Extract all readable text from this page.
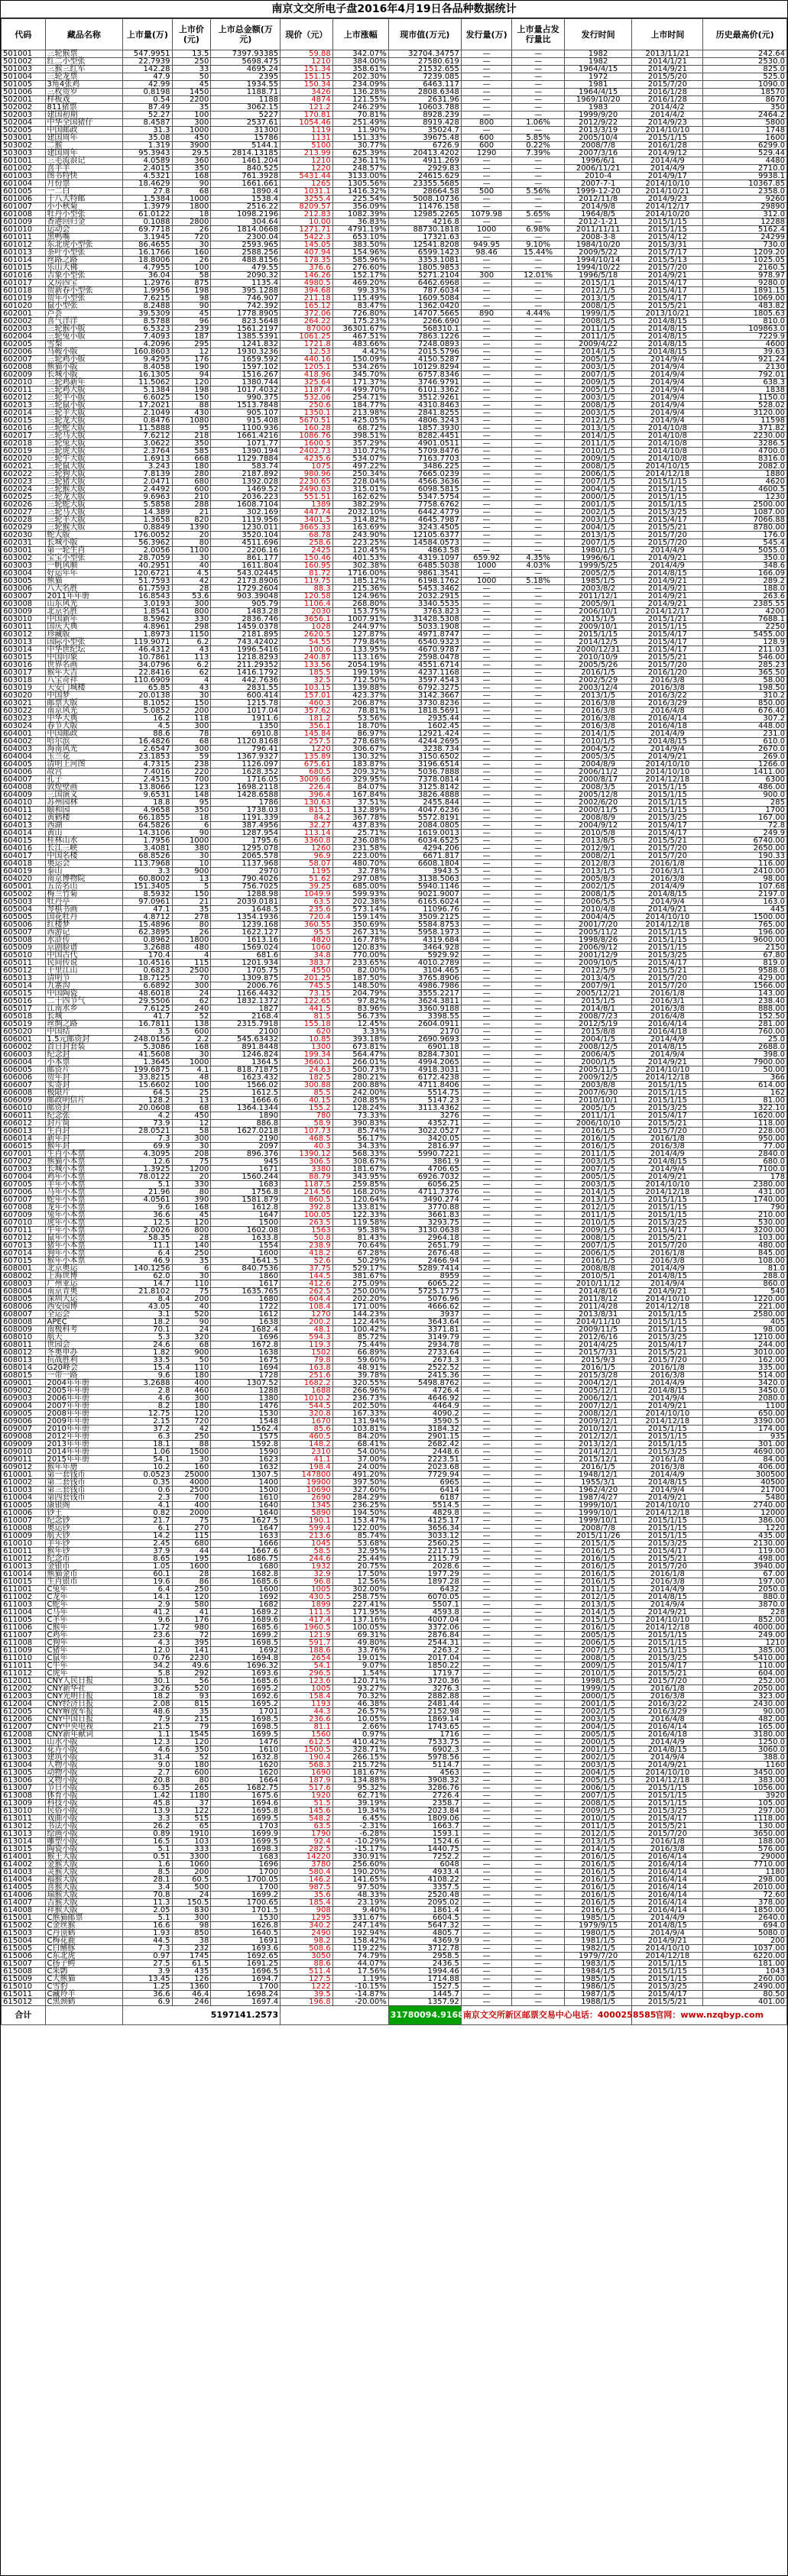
南京文交所电子盘2016年4月19日各品种数据统计
代码	藏品名称	上市量(万)	上市价(元)	上市总金额(万元)	现价（元）	上市涨幅	现市值(万元)	发行量(万)	上市量占发行量比	发行时间	上市时间	历史最高价(元)
501001	三轮猴票	547.9951	13.5	7397.93385	59.88	342.07%	32704.34757	—	—	1982	2013/11/21	242.64
501002	红二小型张	22.7939	250	5698.475	1210	384.00%	27580.619	—	—	1982	2014/1/21	2530.0
501003	三猴三红军	142.28	33	4695.24	151.34	358.61%	21532.655	—	—	1964/4/15	2014/9/21	825.0
501004	三轮龙票	47.9	50	2395	151.15	202.30%	7239.085	—	—	1972	2015/5/20	525.0
501005	3角4张鸡	42.99	45	1934.55	150.34	234.09%	6463.117	—	—	1981	2015/7/20	1090.0
501006	三枚贺岁	0.8198	1450	1188.71	3426	136.28%	2808.6348	—	—	1964/4/15	2016/1/28	18570
502001	样板戏	0.54	2200	1188	4874	121.55%	2631.96	—	—	1969/10/20	2016/1/28	8670
502002	811猪票	87.49	35	3062.15	121.2	246.29%	10603.788	—	—	1983	2014/4/2	350
502003	建国初期	52.27	100	5227	170.81	70.81%	8928.239	—	—	1999/9/20	2014/4/2	2464.2
502004	中华全国猪仔	8.4587	300	2537.61	1054.46	251.49%	8919.428	800	1.06%	2012/9/22	2014/9/23	5800
502005	中国邮政	31.3	1000	31300	1119	11.90%	35024.7	—	—	2013/3/19	2014/10/10	1748
503001	建国周年	35.08	450	15786	1131	151.33%	39675.48	600	5.85%	2005/10/4	2015/1/15	1600
503002	二猴	1.319	3900	5144.1	5100	30.77%	6726.9	600	0.22%	2008/7/8	2016/1/28	6299.0
503003	建国周年	95.3943	29.5	2814.13185	213.99	625.39%	20413.4202	1290	7.39%	2007/3/16	2014/9/12	529.44
601001	三毛流浪记	4.0589	360	1461.204	1210	236.11%	4911.269	—	—	1996/6/1	2014/4/9	4480
601002	喜羊羊	2.4015	350	840.525	1220	248.57%	2929.83	—	—	2006/11/21	2014/4/9	2710.0
601003	图书特快	4.5321	168	761.3928	5431.44	3133.00%	24615.629	—	—	2010-4	2014/9/17	9938.1
601004	月份票	18.4629	90	1661.661	1265	1305.56%	23355.5685	—	—	2007-7-1	2014/10/10	10367.85
601005	一二白	27.8	68	1890.4	1031.1	1416.32%	28664.58	500	5.56%	1999-12-20	2014/10/21	2358.0
601006	十八大特邮	1.5384	1000	1538.4	3255.4	225.54%	5008.10736	—	—	2012/11/8	2014/9/23	9260
601007	小小秋菊	1.3979	1800	2516.22	8209.57	356.09%	11476.158	—	—	2014/9/8	2014/12/17	29890
601008	牡丹小型张	61.0122	18	1098.2196	212.83	1082.39%	12985.2265	1079.98	5.65%	1964/8/5	2014/10/20	312.0
601009	香港回归金	0.1088	2800	304.64	10.00	36.83%	4216.8	—	—	2012-1-21	2015/1/15	12288
601010	运动会	69.7718	26	1814.0668	1271.71	4791.19%	88730.1818	1000	6.98%	2011/11/11	2015/1/15	5162.4
601011	黑鸭嘴	3.1945	720	2300.04	5422.3	653.10%	17321.63	—	—	2008-3-8	2015/4/12	24299
601012	东北虎小型张	86.4655	30	2593.965	145.05	383.50%	12541.8208	949.95	9.10%	1984/10/20	2015/3/31	730.0
601013	茶叶小型张	16.1766	160	2588.256	407.94	154.96%	6599.1423	98.46	15.44%	2009/5/22	2015/7/17	1209.20
601014	丝路之路	18.8006	26	488.8156	178.35	585.96%	3353.1081	—	—	1994/10/14	2015/5/13	1025.05
601015	乐山大佛	4.7955	100	479.55	376.6	276.60%	1805.9853	—	—	1994/10/22	2015/7/20	2160.5
601016	吉象小型张	36.04	58	2090.32	146.26	152.17%	5271.2104	300	12.01%	1996/5/18	2014/9/21	978.97
601017	文房四宝	1.2976	875	1135.4	4980.5	469.20%	6462.6968	—	—	2015/1/1	2015/4/17	9280.0
601018	贺新春小型张	1.9956	198	395.1288	394.68	99.33%	787.6034	—	—	2012/1/5	2015/4/17	1891.15
601019	贺年小型张	7.6215	98	746.907	211.18	115.49%	1609.5084	—	—	2013/1/5	2015/4/17	1069.00
601020	鼠小型张	8.2488	90	742.392	165.12	83.47%	1362.0420	—	—	2008/1/5	2015/5/21	483.82
602001	芦荟	39.5309	45	1778.8905	372.06	726.80%	14707.5665	890	4.44%	1999/1/5	2013/10/21	1805.63
602002	喜气洋洋	8.5788	96	823.5648	264.22	175.23%	2266.690	—	—	2008/1/5	2014/8/15	810.0
602003	三轮猴小版	6.5323	239	1561.2197	87000	36301.67%	568310.1	—	—	2011/1/5	2014/8/15	109863.0
602004	三轮兔小版	7.4093	187	1385.5391	1061.25	467.51%	7863.1226	—	—	2011/1/5	2014/8/15	7229.9
602005	雪梨	4.2096	295	1241.832	1721.8	483.66%	7248.0893	—	—	2009/4/22	2014/8/15	4600
602006	马鞍小版	160.8603	12	1930.3236	12.53	4.42%	2015.5796	—	—	2014/1/5	2014/8/15	39.63
602007	三轮鸡小版	9.4295	176	1659.592	440.16	150.09%	4150.5287	—	—	2005/1/5	2014/9/4	921.24
602008	熊猫小版	8.4058	190	1597.102	1205.1	534.26%	10129.8294	—	—	2003/1/5	2014/9/4	2130
602009	长城小版	16.1305	94	1516.267	418.96	345.70%	6757.8346	—	—	2007/1/5	2014/9/4	792.01
602010	三轮鸡新年	11.5062	120	1380.744	325.64	171.37%	3746.9791	—	—	2009/1/5	2014/9/4	638.3
602011	三轮鸡大版	5.1384	198	1017.4032	1187.4	499.70%	6101.3362	—	—	2005/1/5	2014/9/4	1838
602012	三轮羊小版	6.6025	150	990.375	532.06	254.71%	3512.9261	—	—	2003/1/5	2014/9/4	1150.0
602013	三轮鼠小版	17.2021	88	1513.7848	250.6	184.77%	4310.8463	—	—	2008/1/5	2014/9/4	528.02
602014	三轮羊大版	2.1049	430	905.107	1350.1	213.98%	2841.8255	—	—	2003/1/5	2014/9/4	3120.00
602015	三轮龙大版	0.8476	1080	915.408	5670.51	425.05%	4806.3243	—	—	2012/1/5	2014/9/4	11598
602016	三轮蛇大版	11.5888	95	1100.936	160.28	68.72%	1857.3930	—	—	2013/1/5	2014/10/8	371.82
602017	三轮马大版	7.6212	218	1661.4216	1086.76	398.51%	8282.4451	—	—	2014/1/5	2014/10/8	2230.00
602018	三轮兔大版	3.0622	350	1071.77	1600.5	357.29%	4901.0511	—	—	2011/1/5	2014/10/8	3286.5
602019	三轮虎大版	2.3764	585	1390.194	2402.73	310.72%	5709.8476	—	—	2010/1/5	2014/10/8	4700.0
602020	三轮牛大版	1.6913	668	1129.7884	4235.6	534.07%	7163.7703	—	—	2009/1/5	2014/10/8	8316.0
602021	三轮鼠大版	3.243	180	583.74	1075	497.22%	3486.225	—	—	2008/1/5	2014/10/15	2082.0
602022	三轮狗大版	7.8139	280	2187.892	980.96	250.34%	7665.0239	—	—	2006/1/5	2014/12/18	1880
602023	三轮猪大版	2.0471	680	1392.028	2230.65	228.04%	4566.3636	—	—	2007/1/5	2015/1/15	4620
602024	三轮猴大版	2.4492	600	1469.52	2490.03	315.01%	6098.5815	—	—	2004/1/5	2015/1/15	4600.5
602025	三轮龙大版	9.6963	210	2036.223	551.51	162.62%	5347.5754	—	—	2000/1/5	2015/1/15	1230
602026	三轮蛇大版	5.5858	288	1608.7104	1389	382.29%	7758.6762	—	—	2001/1/5	2015/1/15	2500.00
602027	三轮马大版	14.389	21	302.169	447.74	2032.10%	6442.4779	—	—	2002/1/5	2015/3/25	1087.00
602028	三轮羊大版	1.3658	820	1119.956	3401.5	314.82%	4645.7987	—	—	2003/1/5	2015/4/17	7066.88
602029	三轮猴大版	0.8849	1390	1230.011	3665.33	163.69%	3243.4505	—	—	2004/1/5	2015/5/21	8780.00
602030	蛇大版	176.0052	20	3520.104	68.78	243.90%	12105.6377	—	—	2013/1/5	2015/7/20	176.0
602031	长城小版	56.3962	80	4511.696	258.6	223.25%	14584.0573	—	—	2007/1/5	2015/7/20	545.4
603001	第一轮生肖	2.0056	1100	2206.16	2425	120.45%	4863.58	—	—	1980/1/5	2014/4/9	5055.0
603002	宝宝小型张	28.7059	30	861.177	150.46	401.53%	4319.1097	659.92	4.35%	1996/6/1	2014/9/21	350.0
603003	一帆风顺	40.2951	40	1611.804	160.95	302.38%	6485.5038	1000	4.03%	1999/5/25	2014/4/9	348.6
603004	好运年年	120.6721	4.5	543.02445	81.72	1716.00%	9861.3541	—	—	2005/2/5	2014/8/15	166.09
603005	熊猫	51.7593	42	2173.8906	119.75	185.12%	6198.1762	1000	5.18%	1985/1/5	2014/9/21	289.2
603006	八大名胜	61.7593	28	1729.2604	88.3	215.36%	5453.3462	—	—	2003/8/2	2014/9/21	188.0
603007	2011年年册	16.8543	53.6	903.39048	120.58	124.96%	2032.2915	—	—	2011/12/1	2014/9/21	263.6
603008	山东风光	3.0193	300	905.79	1106.4	268.80%	3340.5535	—	—	2005/9/1	2014/9/21	2385.55
603009	北京名胜	1.8541	800	1483.28	2030	153.75%	3763.823	—	—	2006/10/1	2014/12/17	4200
603010	中国新年	8.5962	330	2836.746	3656.1	1007.91%	31428.5308	—	—	2015/1/5	2015/1/21	7688.1
603011	国庆大典	4.8961	298	1459.0378	1028	244.97%	5033.1908	—	—	2009/10/1	2015/1/15	2250
603012	珍藏版	1.8973	1150	2181.895	2620.5	127.87%	4971.8747	—	—	2015/1/15	2015/4/17	5455.00
603013	国际小型张	119.9071	6.2	743.42402	54.55	779.84%	6540.9323	—	—	2014/12/5	2015/4/17	128.9
603014	中华世纪坛	46.4312	43	1996.5416	100.6	133.95%	4670.9787	—	—	2000/12/31	2015/4/17	211.03
603015	中国印象	10.7861	113	1218.8293	240.87	113.16%	2598.0478	—	—	2010/10/9	2015/5/21	546.00
603016	世界名画	34.0796	6.2	211.29352	133.56	2054.19%	4551.6714	—	—	2005/5/26	2015/7/20	285.23
603017	猴年大吉	22.8416	62	1416.1792	185.5	199.19%	4237.1168	—	—	2016/1/5	2016/1/20	365.50
603018	八宝奇祥	110.6909	4	442.7636	32.5	712.50%	3597.4543	—	—	2002/5/29	2016/3/8	58.00
603019	天安门城楼	65.85	43	2831.55	103.15	139.88%	6792.3275	—	—	2003/12/4	2016/3/8	198.50
603020	中国梦	20.0138	30	600.414	157.01	423.37%	3142.3667	—	—	2013/1/5	2016/3/22	310.2
603021	邮票大版	8.1052	150	1215.78	460.3	206.87%	3730.8236	—	—	2016/3/8	2016/3/29	850.00
603022	南京风光	5.0852	200	1017.04	357.62	78.81%	1818.5691	—	—	2016/3/8	2016/4/8	676.40
603023	中华大典	16.2	118	1911.6	181.2	53.56%	2935.44	—	—	2016/3/8	2016/4/14	307.2
603024	春节大版	4.5	300	1350	356.1	18.70%	1602.45	—	—	2016/3/8	2016/4/18	448.00
604001	中国邮政	88.6	78	6910.8	145.84	86.97%	12921.424	—	—	2014/1/5	2014/4/9	231.0
604002	哈尔滨	16.4826	68	1120.8168	257.5	278.68%	4244.2695	—	—	2010/1/5	2014/8/15	610.0
604003	海南风光	2.6547	300	796.41	1220	306.67%	3238.734	—	—	2004/5/2	2014/9/4	2670.0
604004	玉兰花	23.1853	59	1367.9327	135.89	130.32%	3150.6502	—	—	2005/3/5	2014/9/21	269.0
604005	清明上河图	4.7315	238	1126.097	675.61	183.87%	3196.6514	—	—	2004/8/9	2014/10/10	1266.0
604006	故宫	7.4016	220	1628.352	680.5	209.32%	5036.7888	—	—	2006/11/2	2014/10/10	1411.00
604007	孔子	2.4515	700	1716.05	3009.66	329.95%	7378.0814	—	—	2000/8/17	2014/12/18	6300
604008	敦煌壁画	13.8066	123	1698.2118	226.4	84.07%	3125.8142	—	—	2008/3/5	2015/1/15	486.00
604009	三国演义	9.6531	148	1428.6588	396.4	167.84%	3826.4888	—	—	2005/12/8	2015/1/15	900.0
604010	苏州园林	18.8	95	1786	130.63	37.51%	2455.844	—	—	2002/6/20	2015/1/15	285
604011	颐和园	4.9658	350	1738.03	815.1	132.89%	4047.6236	—	—	2000/11/5	2015/1/15	1700
604012	黄鹤楼	66.1855	18	1191.339	84.2	367.78%	5572.8191	—	—	2008/8/9	2015/3/25	167.00
604013	西湖	64.5826	6	387.4956	32.27	437.83%	2084.0805	—	—	2004/9/12	2015/4/17	72.8
604014	黄山	14.3106	90	1287.954	113.14	25.71%	1619.0013	—	—	2010/5/8	2015/4/17	249.9
604015	桂林山水	1.7956	1000	1795.6	3360.8	236.08%	6034.6525	—	—	2013/8/5	2015/5/21	6740.00
604016	长江三峡	3.4081	380	1295.078	1260	231.58%	4294.206	—	—	2012/9/1	2015/7/20	2650.00
604017	中国名楼	68.8526	30	2065.578	96.9	223.00%	6671.817	—	—	2008/2/1	2015/7/20	190.33
604018	奥运会	113.7968	10	1137.968	58.07	480.70%	6608.1804	—	—	2012/8/3	2016/1/8	116.00
604019	泰山	3.3	900	2970	1195	32.78%	3943.5	—	—	2013/1/5	2016/3/1	2410.00
604020	南京博物院	60.8002	13	790.4026	51.62	297.08%	3138.5063	—	—	2005/8/3	2016/3/8	98.00
605001	五岳名山	151.3405	5	756.7025	39.25	685.00%	5940.1146	—	—	2002/1/5	2014/4/9	107.68
605002	梅兰竹菊	8.5932	150	1288.98	1049.9	599.93%	9021.9007	—	—	2008/1/5	2014/8/15	2197.0
605003	牡丹亭	97.0961	21	2039.0181	63.5	202.38%	6165.6024	—	—	2006/5/5	2014/9/4	163.0
605004	琴棋书画	47.1	35	1648.5	235.6	573.14%	11096.76	—	—	2010/4/8	2014/9/21	445
605005	国花牡丹	4.8712	278	1354.1936	720.4	159.14%	3509.2125	—	—	2004/4/5	2014/10/10	1500.00
605006	红楼梦	15.4896	80	1239.168	360.55	350.69%	5584.8753	—	—	2001/7/20	2014/12/18	765.00
605007	西游记	62.3895	26	1622.127	95.5	267.31%	5958.1973	—	—	2005/11/2	2015/1/15	196.00
605008	水浒传	0.8962	1800	1613.16	4820	167.78%	4319.684	—	—	1998/8/26	2015/1/15	9600.00
605009	京剧脸谱	3.2688	480	1569.024	1060	120.83%	3464.928	—	—	2006/9/12	2015/1/15	2150
605010	中国古代	170.4	4	681.6	34.8	770.00%	5929.92	—	—	2001/12/9	2015/3/25	67.80
605011	民间传说	10.4516	115	1201.934	383.7	233.65%	4010.2789	—	—	2009/10/5	2015/4/17	819.0
605012	千里江山	0.6823	2500	1705.75	4550	82.00%	3104.465	—	—	2012/5/9	2015/5/21	9588.0
605013	清明节	18.7125	70	1309.875	201.25	187.50%	3765.8906	—	—	2013/4/5	2015/7/20	429.00
605014	九寨沟	6.6892	300	2006.76	745.5	148.50%	4986.7986	—	—	2007/9/1	2015/7/20	1566.00
605015	中国陶瓷	48.6018	24	1166.4432	73.15	204.79%	3555.2217	—	—	2005/12/21	2016/1/8	143.00
605016	二十四节气	29.5506	62	1832.1372	122.65	97.82%	3624.3811	—	—	2015/1/5	2016/3/1	238.40
605017	江南水乡	7.6125	240	1827	441.5	83.96%	3360.9188	—	—	2014/8/1	2016/3/8	888.00
605018	长城	41.7	52	2168.4	81.5	56.73%	3398.55	—	—	2008/7/23	2016/4/8	152.50
605019	丝绸之路	16.7811	138	2315.7918	155.18	12.45%	2604.0911	—	—	2012/5/19	2016/4/14	281.00
605020	中国结	3.5	600	2100	620	3.33%	2170	—	—	2015/8/8	2016/4/18	760.00
606001	1.5元邮资封	248.0156	2.2	545.63432	10.85	393.18%	2690.9693	—	—	2004/1/5	2014/4/9	25.0
606002	首日封套装	5.3086	168	891.8448	1300	673.81%	6901.18	—	—	2008/12/5	2014/8/15	2688.0
606003	纪念封	41.5608	30	1246.824	199.34	564.47%	8284.7301	—	—	2006/4/5	2014/9/4	398.0
606004	小本票	1.3645	1000	1364.5	3660.1	266.01%	4994.2065	—	—	2000/1/5	2014/9/21	7900.00
606005	邮资片	199.6875	4.1	818.71875	24.63	500.73%	4918.3031	—	—	2005/11/5	2014/10/10	50.00
606006	贺年封	33.8215	48	1623.432	182.5	280.21%	6172.4238	—	—	2009/12/5	2014/12/18	366
606007	实寄封	15.6602	100	1566.02	300.88	200.88%	4711.8406	—	—	2003/8/8	2015/1/15	614.00
606008	极限片	64.5	25	1612.5	85.5	242.00%	5514.75	—	—	2007/6/30	2015/1/15	162
606009	邮政明信片	128.2	13	1666.6	40.15	208.85%	5147.23	—	—	2010/10/1	2015/1/15	81.00
606010	邮资封	20.0608	68	1364.1344	155.2	128.24%	3113.4362	—	—	2005/1/5	2015/3/25	322.10
606011	纪念张	4.2	450	1890	780	73.33%	3276	—	—	2011/1/1	2015/4/17	1620.00
606012	封片简	73.9	12	886.8	58.9	390.83%	4352.71	—	—	2006/10/10	2015/5/21	118.00
606013	生肖封	28.0521	58	1627.0218	107.73	85.74%	3022.0527	—	—	2016/1/5	2015/7/20	228.00
606014	新年封	7.3	300	2190	468.5	56.17%	3420.05	—	—	2016/1/5	2016/1/8	950.00
606015	猴年封	69.9	30	2097	40.3	34.33%	2816.97	—	—	2016/1/5	2016/3/8	77.00
607001	生肖小本票	4.3095	208	896.376	1390.12	568.33%	5990.7221	—	—	2011/1/5	2014/4/9	2840.0
607002	熊猫小本票	12.6	75	945	306.5	308.67%	3861.9	—	—	2003/1/5	2014/8/15	680.0
607003	长城小本票	1.3925	1200	1671	3380	181.67%	4706.65	—	—	2007/1/5	2014/9/4	7100.0
607004	鸡年小本票	78.0122	20	1560.244	88.79	343.95%	6926.7032	—	—	2005/1/5	2014/9/21	178
607005	羊年小本票	5.1	330	1683	1187.5	259.85%	6056.25	—	—	2003/1/5	2014/10/10	2380.00
607006	马年小本票	21.96	80	1756.8	214.56	168.20%	4711.7376	—	—	2014/1/5	2014/12/18	431.00
607007	蛇年小本票	4.0561	390	1581.879	860.5	120.64%	3490.274	—	—	2013/1/5	2015/1/15	1740.00
607008	龙年小本票	9.6	168	1612.8	392.8	133.81%	3770.88	—	—	2012/1/5	2015/1/15	790
607009	兔年小本票	36.6	45	1647	100.05	122.33%	3661.83	—	—	2011/1/5	2015/1/15	210.00
607010	虎年小本票	12.5	120	1500	263.5	119.58%	3293.75	—	—	2010/1/5	2015/3/25	530.00
607011	牛年小本票	2.0026	800	1602.08	1563	95.38%	3130.0638	—	—	2009/1/5	2015/4/17	3200.00
607012	鼠年小本票	58.35	28	1633.8	50.8	81.43%	2964.18	—	—	2008/1/5	2015/5/21	103.00
607013	猪年小本票	11.1	140	1554	238.9	70.64%	2651.79	—	—	2007/1/5	2015/7/20	480.00
607014	狗年小本票	6.4	250	1600	418.2	67.28%	2676.48	—	—	2006/1/5	2016/1/8	845.00
607015	猴年小本票	46.9	35	1641.5	52.6	50.29%	2466.94	—	—	2016/1/5	2016/3/8	108.00
608001	北京奥运	140.1256	6	840.7536	37.75	529.17%	5289.7414	—	—	2008/8/8	2014/4/9	81.0
608002	上海世博	62.0	30	1860	144.5	381.67%	8959	—	—	2010/5/1	2014/8/15	288.0
608003	广州亚运	14.7	110	1617	412.6	275.09%	6065.22	—	—	2010/11/12	2014/9/4	860.0
608004	南京青奥	21.8102	75	1635.765	262.5	250.00%	5725.1775	—	—	2014/8/16	2014/9/21	540
608005	深圳大运	8.4	200	1680	604.4	202.20%	5076.96	—	—	2011/8/12	2014/10/10	1220.00
608006	西安园博	43.05	40	1722	108.4	171.00%	4666.62	—	—	2011/4/28	2014/12/18	221.00
608007	全运会	3.1	520	1612	1270	144.23%	3937	—	—	2013/8/31	2015/1/15	2580.00
608008	APEC	18.2	90	1638	200.2	122.44%	3643.64	—	—	2014/11/10	2015/1/15	405
608009	南极科考	70.1	24	1682.4	48.1	100.42%	3371.81	—	—	2009/11/5	2015/1/15	98.00
608010	航天	5.3	320	1696	594.3	85.72%	3149.79	—	—	2012/6/16	2015/3/25	1210.00
608011	世园会	24.6	68	1672.8	119.3	75.44%	2934.78	—	—	2014/4/25	2015/4/17	244.00
608012	冬奥申办	1.82	900	1638	1502	66.89%	2733.64	—	—	2015/7/31	2015/5/21	3010.00
608013	抗战胜利	33.5	50	1675	79.8	59.60%	2673.3	—	—	2015/9/3	2015/7/20	162.00
608014	G20峰会	15.4	110	1694	163.8	48.91%	2522.52	—	—	2016/1/5	2016/1/8	335.00
608015	一带一路	9.6	180	1728	251.6	39.78%	2415.36	—	—	2015/3/28	2016/3/8	514.00
609001	2004年年册	3.2688	400	1307.52	1682.2	320.55%	5498.8762	—	—	2004/12/1	2014/4/9	3420.0
609002	2005年年册	2.8	460	1288	1688	266.96%	4726.4	—	—	2005/12/1	2014/8/15	3450.0
609003	2006年年册	4.6	300	1380	1010.2	236.73%	4646.92	—	—	2006/12/1	2014/9/4	2080.0
609004	2007年年册	8.2	180	1476	544.5	202.50%	4464.9	—	—	2007/12/1	2014/9/21	1100
609005	2008年年册	12.75	120	1530	320.8	167.33%	4090.2	—	—	2008/12/1	2014/10/10	650.00
609006	2009年年册	2.15	720	1548	1670	131.94%	3590.5	—	—	2009/12/1	2014/12/18	3390.00
609007	2010年年册	37.2	42	1562.4	85.6	103.81%	3184.32	—	—	2010/12/1	2015/1/15	174.00
609008	2012年年册	6.3	250	1575	460.5	84.20%	2901.15	—	—	2012/12/1	2015/1/15	935
609009	2013年年册	18.1	88	1592.8	148.2	68.41%	2682.42	—	—	2013/12/1	2015/1/15	301.00
609010	2014年年册	1.06	1500	1590	2310	54.00%	2448.6	—	—	2014/12/1	2015/3/25	4690.00
609011	2015年年册	54.1	30	1623	41.1	37.00%	2223.51	—	—	2015/12/1	2016/1/8	84.00
609012	猴年年册	10.2	160	1632	198.4	24.00%	2023.68	—	—	2016/1/5	2016/3/8	406.00
610001	第一套钱币	0.0523	25000	1307.5	147800	491.20%	7729.94	—	—	1948/12/1	2014/4/9	300500
610002	第二套钱币	0.35	4000	1400	19900	397.50%	6965	—	—	1955/3/1	2014/8/15	40500
610003	第三套钱币	0.6	2500	1500	10690	327.60%	6414	—	—	1962/4/20	2014/9/4	21700
610004	第四套钱币	2.3	700	1610	2690	284.29%	6187	—	—	1987/4/27	2014/9/21	5480
610005	康银阁	4.1	400	1640	1345	236.25%	5514.5	—	—	1999/10/1	2014/10/10	2740.00
610006	钞王	0.82	2000	1640	5890	194.50%	4829.8	—	—	1999/10/1	2014/12/18	12000
610007	纪念钞	21.7	75	1627.5	190.1	153.47%	4125.17	—	—	1999/10/1	2015/1/15	386.00
610008	奥运钞	6.1	270	1647	599.4	122.00%	3656.34	—	—	2008/7/8	2015/1/15	1220
610009	航天钞	14.2	115	1633	213.6	85.74%	3033.12	—	—	2015/11/26	2015/1/15	435.00
610010	羊年钞	2.45	680	1666	1045	53.68%	2560.25	—	—	2015/1/5	2015/3/25	2130.00
610011	猴年钞	37.9	44	1667.6	58.5	32.95%	2217.15	—	—	2016/1/5	2015/4/17	119.00
610012	纪念币	8.65	195	1686.75	244.6	25.44%	2115.79	—	—	2016/1/5	2015/5/21	498.00
610013	金银币	1.05	1600	1680	1932	20.75%	2028.6	—	—	2016/1/5	2015/7/20	3940.00
610014	熊猫金币	60.1	28	1682.8	32.9	17.50%	1977.29	—	—	2016/1/5	2016/1/8	67.00
610015	生肖银币	19.6	86	1685.6	96.8	12.56%	1897.28	—	—	2016/1/5	2016/3/8	197.00
611001	C兔年	6.4	250	1600	1005	302.00%	6432	—	—	2011/1/5	2014/4/9	2050.0
611002	C龙年	14.1	120	1692	430.5	258.75%	6070.05	—	—	2012/1/5	2014/8/15	880.0
611003	C蛇年	2.9	580	1682	1899	227.41%	5507.1	—	—	2013/1/5	2014/9/4	3870.0
611004	C马年	41.2	41	1689.2	111.5	171.95%	4593.8	—	—	2014/1/5	2014/9/21	228
611005	C羊年	9.6	176	1689.6	417.4	137.16%	4007.04	—	—	2015/1/5	2014/10/10	852.00
611006	C猴年	1.72	980	1685.6	1960.5	100.05%	3372.06	—	—	2016/1/5	2014/12/18	4000.00
611007	C鸡年	23.6	72	1699.2	121.9	69.31%	2876.84	—	—	2005/1/5	2015/1/15	249.00
611008	C狗年	4.3	395	1698.5	591.7	49.80%	2544.31	—	—	2006/1/5	2015/1/15	1210
611009	C猪年	12.0	141	1692	188.6	33.76%	2263.2	—	—	2007/1/5	2015/1/15	385.00
611010	C鼠年	0.76	2230	1694.8	2654	19.01%	2017.04	—	—	2008/1/5	2015/3/25	5410.00
611011	C牛年	34.2	49.6	1696.32	54.1	9.07%	1850.22	—	—	2009/1/5	2015/4/17	110.00
611012	C虎年	5.8	292	1693.6	296.5	1.54%	1719.7	—	—	2010/1/5	2015/5/21	604.00
612001	CNY人民日报	30.1	56	1685.6	123.6	120.71%	3720.36	—	—	1998/1/5	2015/7/20	252.00
612002	CNY新华社	3.26	520	1695.2	1005	93.27%	3276.3	—	—	1999/1/5	2016/1/8	2050.00
612003	CNY光明日报	18.2	93	1692.6	158.4	70.32%	2882.88	—	—	2000/1/5	2016/3/8	323.00
612004	CNY经济日报	2.08	815	1695.2	1193	46.38%	2481.44	—	—	2001/1/5	2016/3/22	2430.00
612005	CNY解放军报	48.6	35	1701	44.3	26.57%	2152.98	—	—	2002/1/5	2016/3/29	90.00
612006	CNY中国日报	7.9	215	1698.5	236.6	10.05%	1869.14	—	—	2003/1/5	2016/4/8	482.00
612007	CNY中央电视	21.5	79	1698.5	81.1	2.66%	1743.65	—	—	2004/1/5	2016/4/14	165.00
612008	CNY新年献词	1.1	1545	1699.5	1560	0.97%	1716	—	—	2005/1/5	2016/4/18	3180.00
613001	山水小版	12.3	120	1476	612.5	410.42%	7533.75	—	—	2000/1/5	2014/4/9	1250.0
613002	花卉小版	4.6	350	1610	1500.5	328.71%	6902.3	—	—	2001/1/5	2014/8/15	3060.0
613003	建筑小版	31.4	52	1632.8	190.4	266.15%	5978.56	—	—	2002/1/5	2014/9/4	388.0
613004	人物小版	9.0	180	1620	568.3	215.72%	5114.7	—	—	2003/1/5	2014/9/21	1160
613005	动物小版	2.7	600	1620	1690	181.67%	4563	—	—	2004/1/5	2014/10/10	3450.00
613006	文物小版	20.8	80	1664	187.9	134.88%	3908.32	—	—	2005/1/5	2014/12/18	383.00
613007	节日小版	6.35	265	1682.75	517.6	95.32%	3286.76	—	—	2006/1/5	2015/1/15	1056.00
613008	体育小版	1.42	1180	1675.6	1920	62.71%	2726.4	—	—	2007/1/5	2015/1/15	3920
613009	科技小版	45.8	37	1694.6	51.5	39.19%	2358.7	—	—	2008/1/5	2015/1/15	105.00
613010	民俗小版	13.9	122	1695.8	145.6	19.34%	2023.84	—	—	2009/1/5	2015/3/25	297.00
613011	戏曲小版	3.3	515	1699.5	548.2	6.45%	1809.06	—	—	2010/1/5	2015/4/17	1118.00
613012	书法小版	26.2	65	1703	63.5	-2.31%	1663.7	—	—	2011/1/5	2015/5/21	130.00
613013	绘画小版	0.89	1910	1699.9	1790	-6.28%	1593.1	—	—	2012/1/5	2015/7/20	3650.00
613014	雕塑小版	16.5	103	1699.5	92.4	-10.29%	1524.6	—	—	2013/1/5	2016/1/8	188.00
613015	陶瓷小版	5.1	333	1698.3	282.5	-15.17%	1440.75	—	—	2014/1/5	2016/3/8	576.00
614001	猴王大版	0.51	3300	1683	14220	330.91%	7252.2	—	—	2016/1/5	2016/4/14	29000
614002	金猴大版	1.6	1060	1696	3780	256.60%	6048	—	—	2016/1/5	2016/4/14	7710.00
614003	灵猴大版	8.5	200	1700	580.4	190.20%	4933.4	—	—	2016/1/5	2016/4/14	1180
614004	福猴大版	28.1	60.5	1700.05	146.2	141.65%	4108.22	—	—	2016/1/5	2016/4/14	298.00
614005	喜猴大版	3.4	500	1700	987.5	97.50%	3357.5	—	—	2016/1/5	2016/4/14	2010.00
614006	瑞猴大版	70.8	24	1699.2	35.6	48.33%	2520.48	—	—	2016/1/5	2016/4/14	72.60
614007	吉猴大版	11.3	150.5	1700.65	185.4	23.19%	2095.02	—	—	2016/1/5	2016/4/14	378.00
614008	祥猴大版	2.05	830	1701.5	908	9.40%	1861.4	—	—	2016/1/5	2016/4/14	1850.00
615001	C熊猫邮票	5.1	300	1530	1295	331.67%	6604.5	—	—	1985/1/5	2014/4/9	2640.0
615002	C金丝猴	16.6	98	1626.8	340.2	247.14%	5647.32	—	—	1979/9/15	2014/8/15	694.0
615003	C丹顶鹤	1.93	850	1640.5	2490	192.94%	4805.7	—	—	1980/1/5	2014/9/4	5080.0
615004	C梅花鹿	44.5	38	1691	98.2	158.42%	4369.9	—	—	1981/1/5	2014/9/21	200
615005	C白鳍豚	7.3	232	1693.6	508.6	119.22%	3712.78	—	—	1982/1/5	2014/10/10	1037.00
615006	C东北虎	0.97	1745	1692.65	3050	74.79%	2958.5	—	—	1979/7/20	2014/12/18	6220.00
615007	C扬子鳄	27.5	61.5	1691.25	88.6	44.07%	2436.5	—	—	1983/1/5	2015/1/15	181.00
615008	C朱鹮	3.9	435	1696.5	511.4	17.56%	1994.46	—	—	1984/1/5	2015/1/15	1043
615009	C大熊猫	13.45	126	1694.7	127.5	1.19%	1714.88	—	—	1985/1/5	2015/1/15	260.00
615010	C雪豹	1.25	1360	1700	1222	-10.15%	1527.5	—	—	1986/1/5	2015/3/25	2490.00
615011	C藏羚羊	36.6	46.4	1698.24	39.5	-14.87%	1445.7	—	—	1987/1/5	2015/4/17	80.50
615012	C黑颈鹤	6.9	246	1697.4	196.8	-20.00%	1357.92	—	—	1988/1/5	2015/5/21	401.00
合计		5197141.2573					31780094.9168	南京文交所新区邮票交易中心电话：4000258585			官网：www.nzqbyp.com	
